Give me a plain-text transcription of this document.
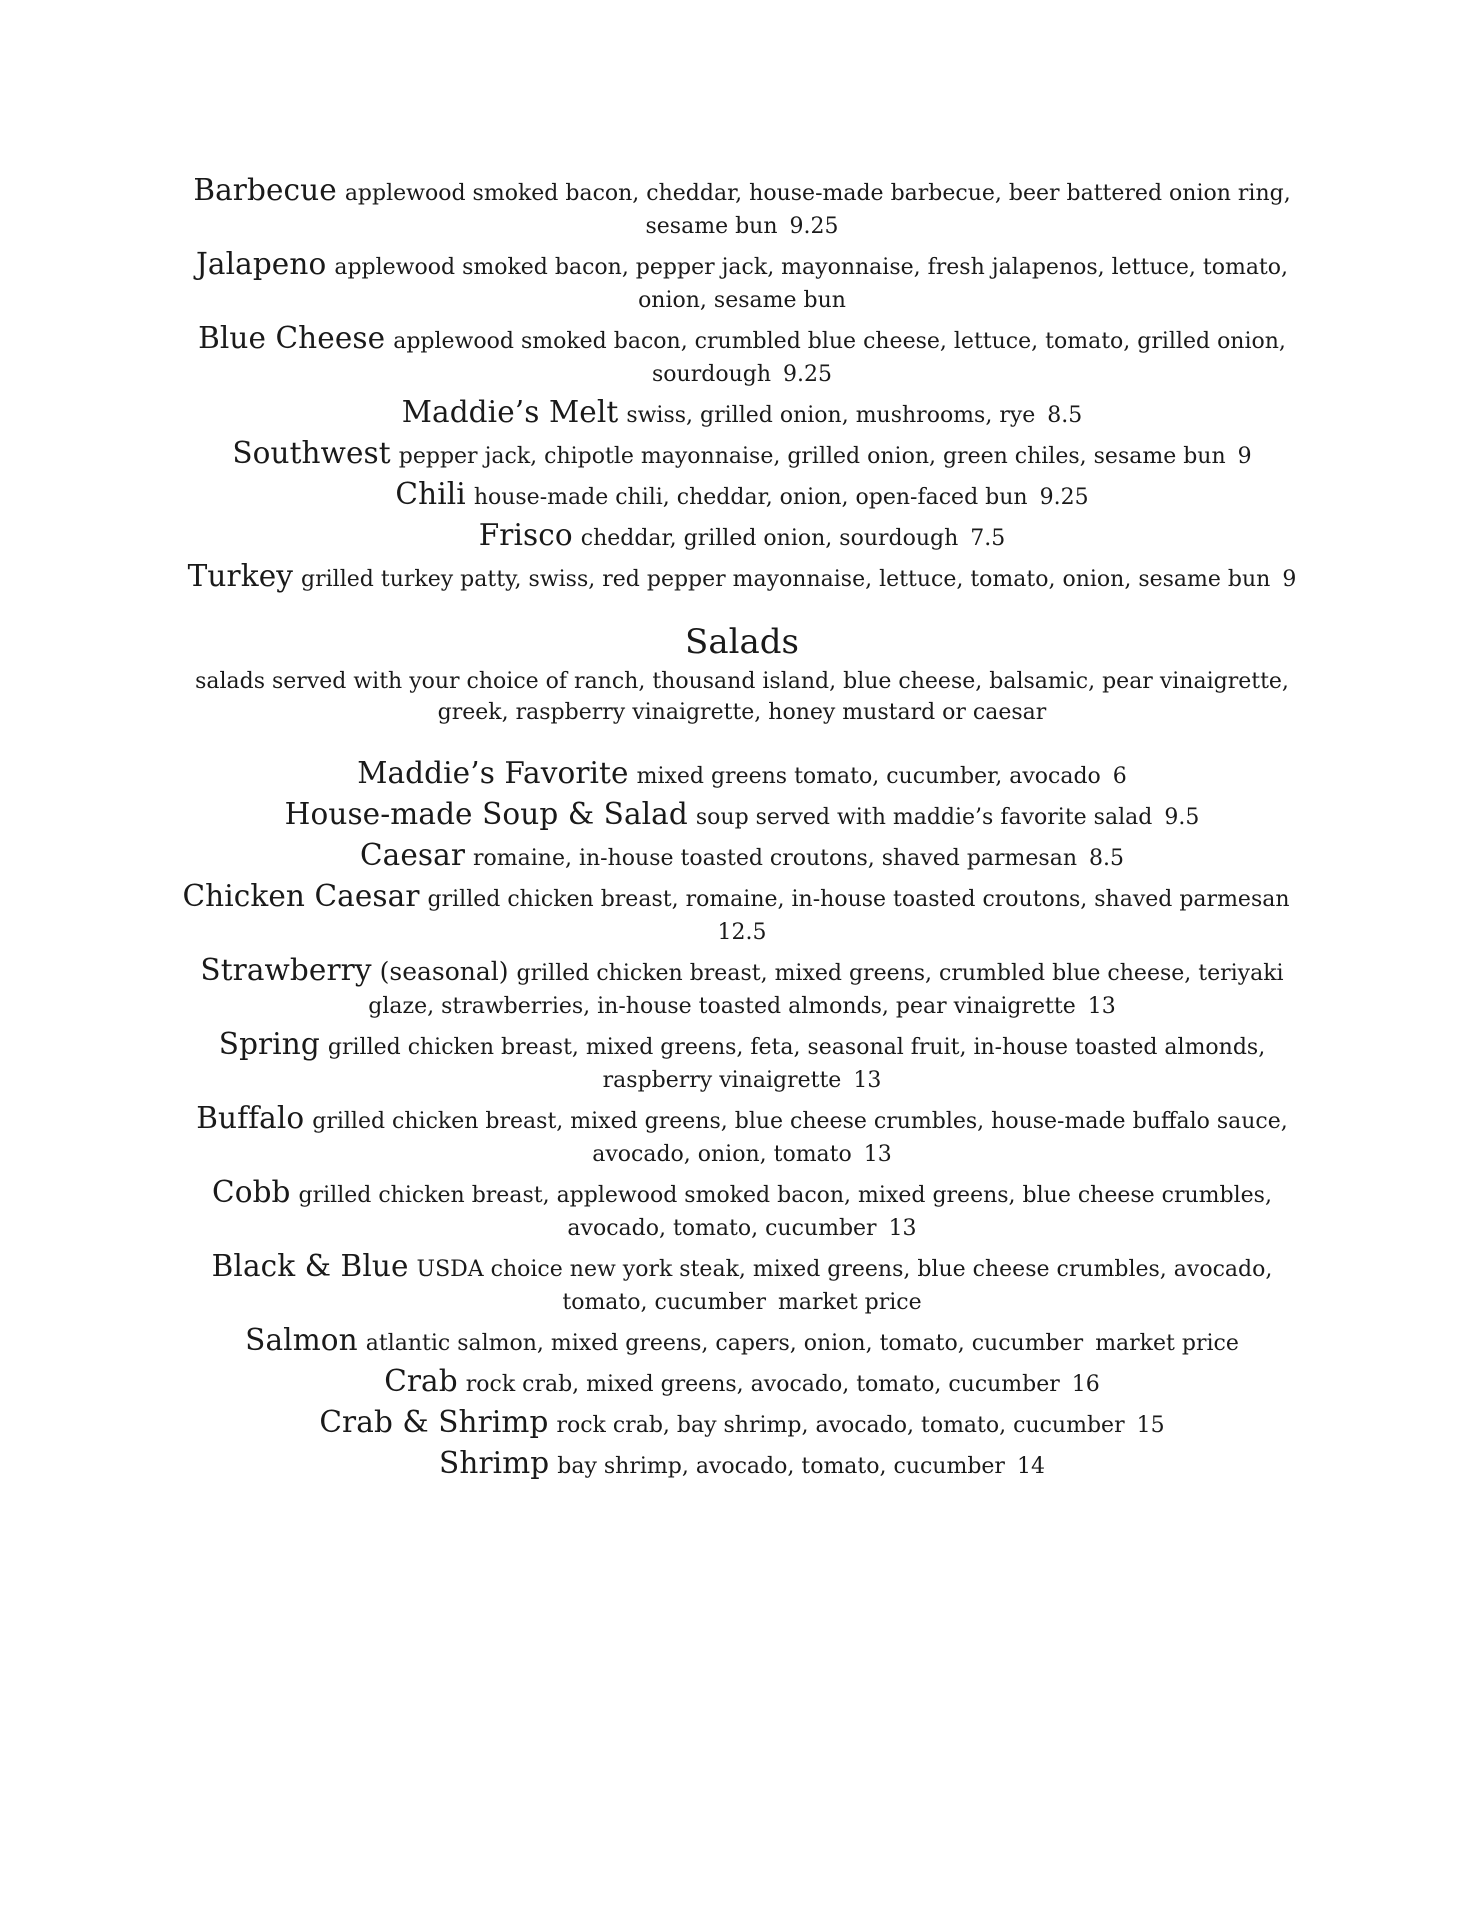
Barbecue applewood smoked bacon, cheddar, house-made barbecue, beer battered onion ring, sesame bun 9.25
Jalapeno applewood smoked bacon, pepper jack, mayonnaise, fresh jalapenos, lettuce, tomato, onion, sesame bun
Blue Cheese applewood smoked bacon, crumbled blue cheese, lettuce, tomato, grilled onion, sourdough 9.25
Maddie’s Melt swiss, grilled onion, mushrooms, rye 8.5
Southwest pepper jack, chipotle mayonnaise, grilled onion, green chiles, sesame bun 9
Chili house-made chili, cheddar, onion, open-faced bun 9.25
Frisco cheddar, grilled onion, sourdough 7.5
Turkey grilled turkey patty, swiss, red pepper mayonnaise, lettuce, tomato, onion, sesame bun 9
Salads
salads served with your choice of ranch, thousand island, blue cheese, balsamic, pear vinaigrette, greek, raspberry vinaigrette, honey mustard or caesar
Maddie’s Favorite mixed greens tomato, cucumber, avocado 6
House-made Soup & Salad soup served with maddie’s favorite salad 9.5
Caesar romaine, in-house toasted croutons, shaved parmesan 8.5
Chicken Caesar grilled chicken breast, romaine, in-house toasted croutons, shaved parmesan12.5
Strawberry (seasonal) grilled chicken breast, mixed greens, crumbled blue cheese, teriyaki glaze, strawberries, in-house toasted almonds, pear vinaigrette 13
Spring grilled chicken breast, mixed greens, feta, seasonal fruit, in-house toasted almonds, raspberry vinaigrette 13
Buffalo grilled chicken breast, mixed greens, blue cheese crumbles, house-made buffalo sauce, avocado, onion, tomato 13
Cobb grilled chicken breast, applewood smoked bacon, mixed greens, blue cheese crumbles, avocado, tomato, cucumber 13
Black & Blue USDA choice new york steak, mixed greens, blue cheese crumbles, avocado, tomato, cucumber market price
Salmon atlantic salmon, mixed greens, capers, onion, tomato, cucumber market price
Crab rock crab, mixed greens, avocado, tomato, cucumber 16
Crab & Shrimp rock crab, bay shrimp, avocado, tomato, cucumber 15
Shrimp bay shrimp, avocado, tomato, cucumber 14
